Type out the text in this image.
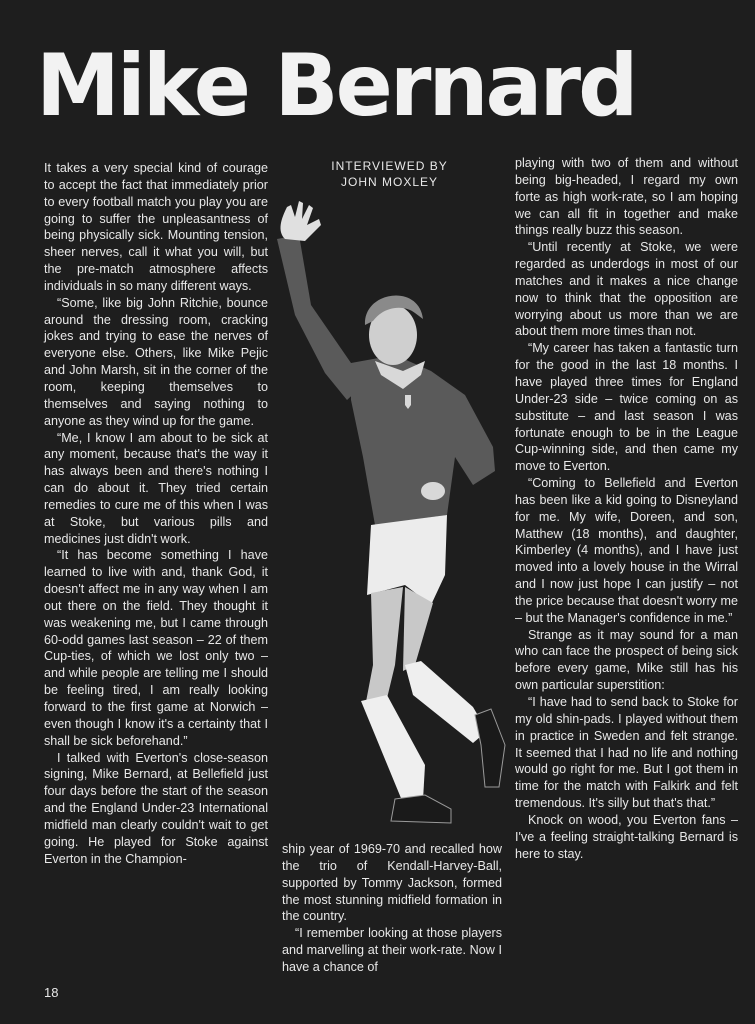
Mike Bernard

It takes a very special kind of courage to accept the fact that immediately prior to every football match you play you are going to suffer the unpleasantness of being physically sick. Mounting tension, sheer nerves, call it what you will, but the pre-match atmosphere affects individuals in so many different ways.

“Some, like big John Ritchie, bounce around the dressing room, cracking jokes and trying to ease the nerves of everyone else. Others, like Mike Pejic and John Marsh, sit in the corner of the room, keeping themselves to themselves and saying nothing to anyone as they wind up for the game.

“Me, I know I am about to be sick at any moment, because that's the way it has always been and there's nothing I can do about it. They tried certain remedies to cure me of this when I was at Stoke, but various pills and medicines just didn't work.

“It has become something I have learned to live with and, thank God, it doesn't affect me in any way when I am out there on the field. They thought it was weakening me, but I came through 60-odd games last season – 22 of them Cup-ties, of which we lost only two – and while people are telling me I should be feeling tired, I am really looking forward to the first game at Norwich – even though I know it's a certainty that I shall be sick beforehand.”

I talked with Everton's close-season signing, Mike Bernard, at Bellefield just four days before the start of the season and the England Under-23 International midfield man clearly couldn't wait to get going. He played for Stoke against Everton in the Champion-

INTERVIEWED BY
JOHN MOXLEY

ship year of 1969-70 and recalled how the trio of Kendall-Harvey-Ball, supported by Tommy Jackson, formed the most stunning midfield formation in the country.

“I remember looking at those players and marvelling at their work-rate. Now I have a chance of

playing with two of them and without being big-headed, I regard my own forte as high work-rate, so I am hoping we can all fit in together and make things really buzz this season.

“Until recently at Stoke, we were regarded as underdogs in most of our matches and it makes a nice change now to think that the opposition are worrying about us more than we are about them more times than not.

“My career has taken a fantastic turn for the good in the last 18 months. I have played three times for England Under-23 side – twice coming on as substitute – and last season I was fortunate enough to be in the League Cup-winning side, and then came my move to Everton.

“Coming to Bellefield and Everton has been like a kid going to Disneyland for me. My wife, Doreen, and son, Matthew (18 months), and daughter, Kimberley (4 months), and I have just moved into a lovely house in the Wirral and I now just hope I can justify – not the price because that doesn't worry me – but the Manager's confidence in me.”

Strange as it may sound for a man who can face the prospect of being sick before every game, Mike still has his own particular superstition:

“I have had to send back to Stoke for my old shin-pads. I played without them in practice in Sweden and felt strange. It seemed that I had no life and nothing would go right for me. But I got them in time for the match with Falkirk and felt tremendous. It's silly but that's that.”

Knock on wood, you Everton fans – I've a feeling straight-talking Bernard is here to stay.

18
